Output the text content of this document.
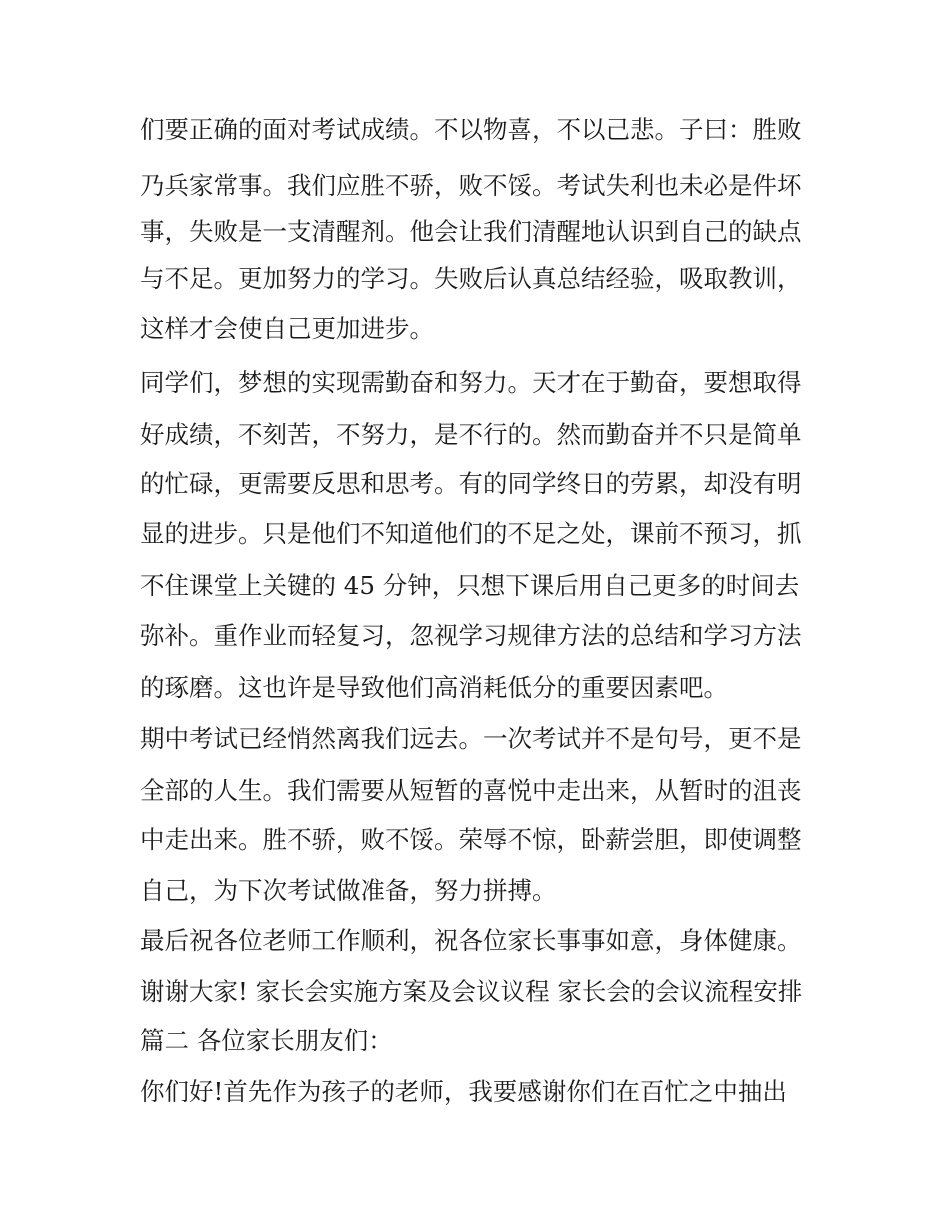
们要正确的面对考试成绩。不以物喜，不以己悲。子曰：胜败
乃兵家常事。我们应胜不骄，败不馁。考试失利也未必是件坏
事，失败是一支清醒剂。他会让我们清醒地认识到自己的缺点
与不足。更加努力的学习。失败后认真总结经验，吸取教训，
这样才会使自己更加进步。
同学们，梦想的实现需勤奋和努力。天才在于勤奋，要想取得
好成绩，不刻苦，不努力，是不行的。然而勤奋并不只是简单
的忙碌，更需要反思和思考。有的同学终日的劳累，却没有明
显的进步。只是他们不知道他们的不足之处，课前不预习，抓
不住课堂上关键的 45 分钟，只想下课后用自己更多的时间去
弥补。重作业而轻复习，忽视学习规律方法的总结和学习方法
的琢磨。这也许是导致他们高消耗低分的重要因素吧。
期中考试已经悄然离我们远去。一次考试并不是句号，更不是
全部的人生。我们需要从短暂的喜悦中走出来，从暂时的沮丧
中走出来。胜不骄，败不馁。荣辱不惊，卧薪尝胆，即使调整
自己，为下次考试做准备，努力拼搏。
最后祝各位老师工作顺利，祝各位家长事事如意，身体健康。
谢谢大家! 家长会实施方案及会议议程 家长会的会议流程安排
篇二 各位家长朋友们：
你们好!首先作为孩子的老师，我要感谢你们在百忙之中抽出
